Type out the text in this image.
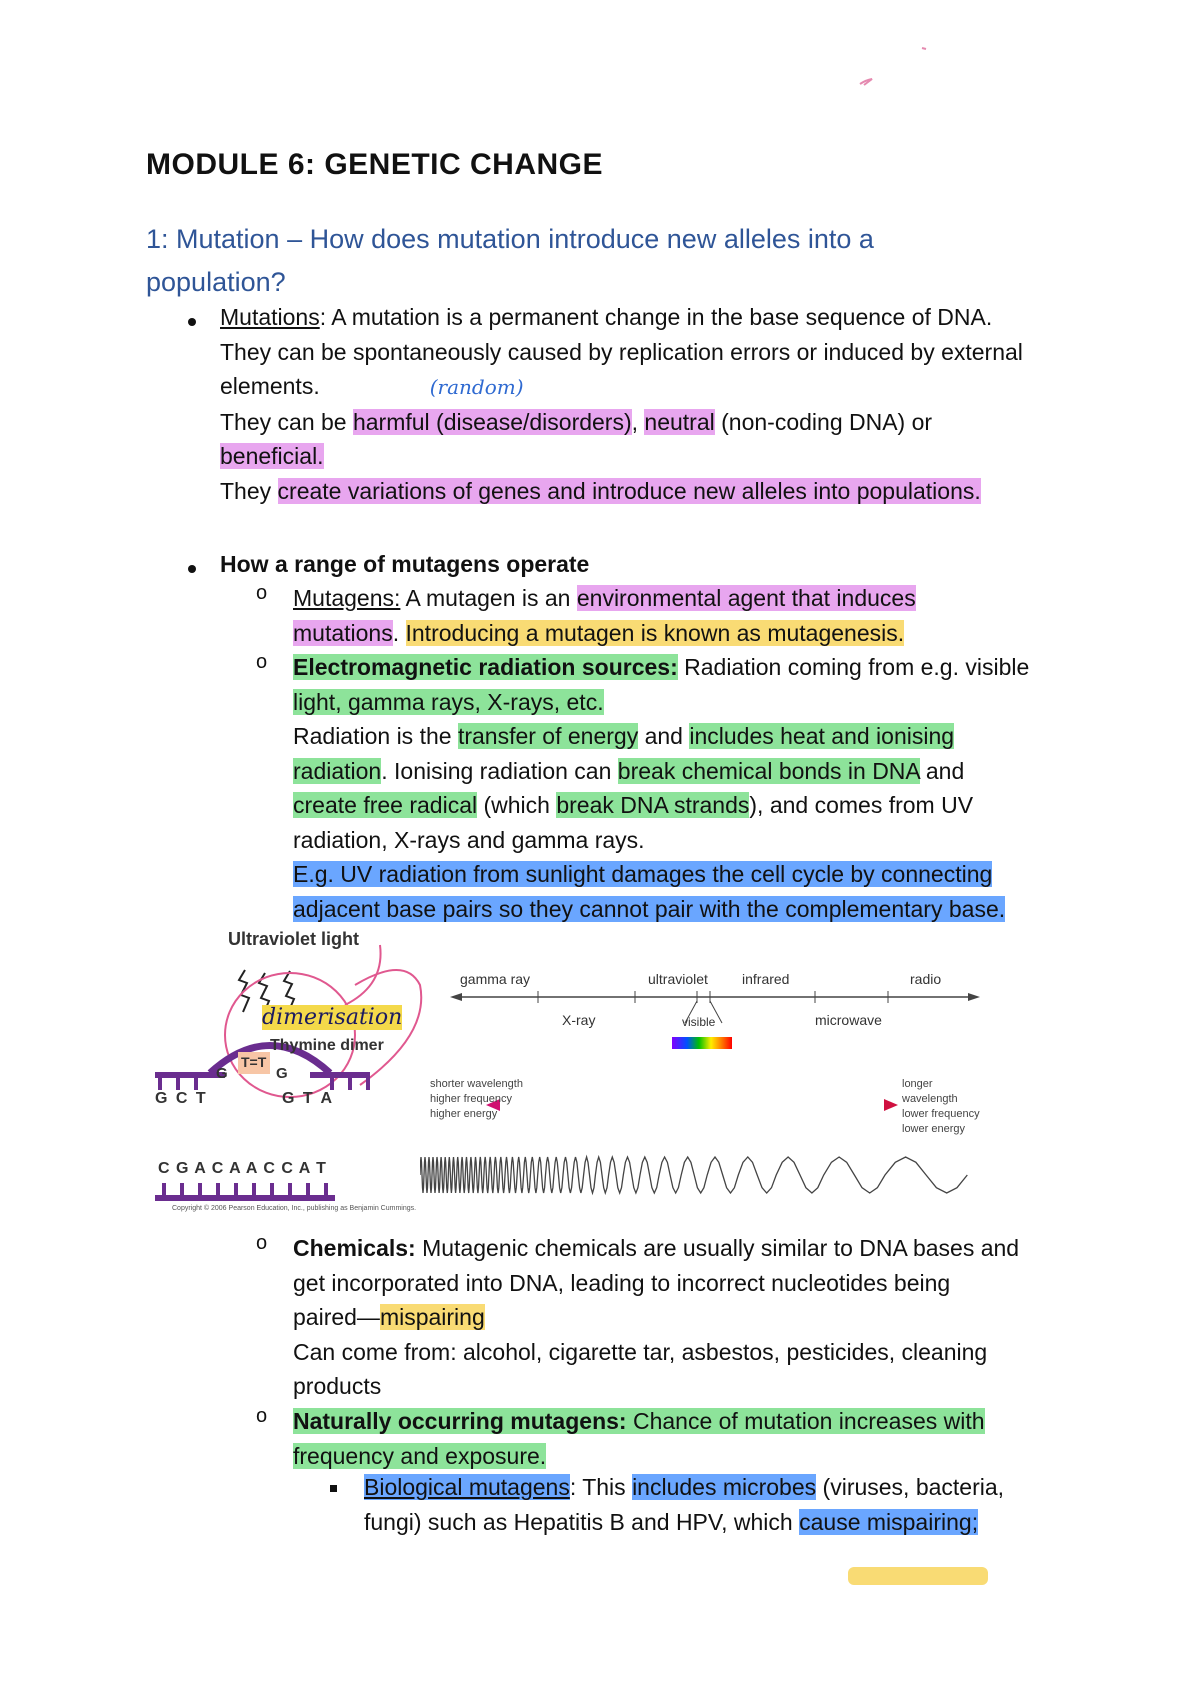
MODULE 6: GENETIC CHANGE
1: Mutation – How does mutation introduce new alleles into a population?
Mutations: A mutation is a permanent change in the base sequence of DNA.
They can be spontaneously caused by replication errors or induced by external
elements.	(random)
They can be harmful (disease/disorders), neutral (non-coding DNA) or
beneficial.
They create variations of genes and introduce new alleles into populations.
How a range of mutagens operate
o Mutagens: A mutagen is an environmental agent that induces
mutations. Introducing a mutagen is known as mutagenesis.
o Electromagnetic radiation sources: Radiation coming from e.g. visible
light, gamma rays, X-rays, etc.
Radiation is the transfer of energy and includes heat and ionising
radiation. Ionising radiation can break chemical bonds in DNA and
create free radical (which break DNA strands), and comes from UV
radiation, X-rays and gamma rays.
E.g. UV radiation from sunlight damages the cell cycle by connecting
adjacent base pairs so they cannot pair with the complementary base.
Ultraviolet light
dimerisation
Thymine dimer
T=T
G	G
G C T	G T A
C G A C A A C C A T
Copyright © 2006 Pearson Education, Inc., publishing as Benjamin Cummings.
gamma ray	ultraviolet infrared	radio
X-ray	visible	microwave
shorter wavelength
higher frequency
higher energy
longer wavelength
lower frequency
lower energy
o Chemicals: Mutagenic chemicals are usually similar to DNA bases and
get incorporated into DNA, leading to incorrect nucleotides being
paired—mispairing
Can come from: alcohol, cigarette tar, asbestos, pesticides, cleaning
products
o Naturally occurring mutagens: Chance of mutation increases with
frequency and exposure.
Biological mutagens: This includes microbes (viruses, bacteria,
fungi) such as Hepatitis B and HPV, which cause mispairing;
